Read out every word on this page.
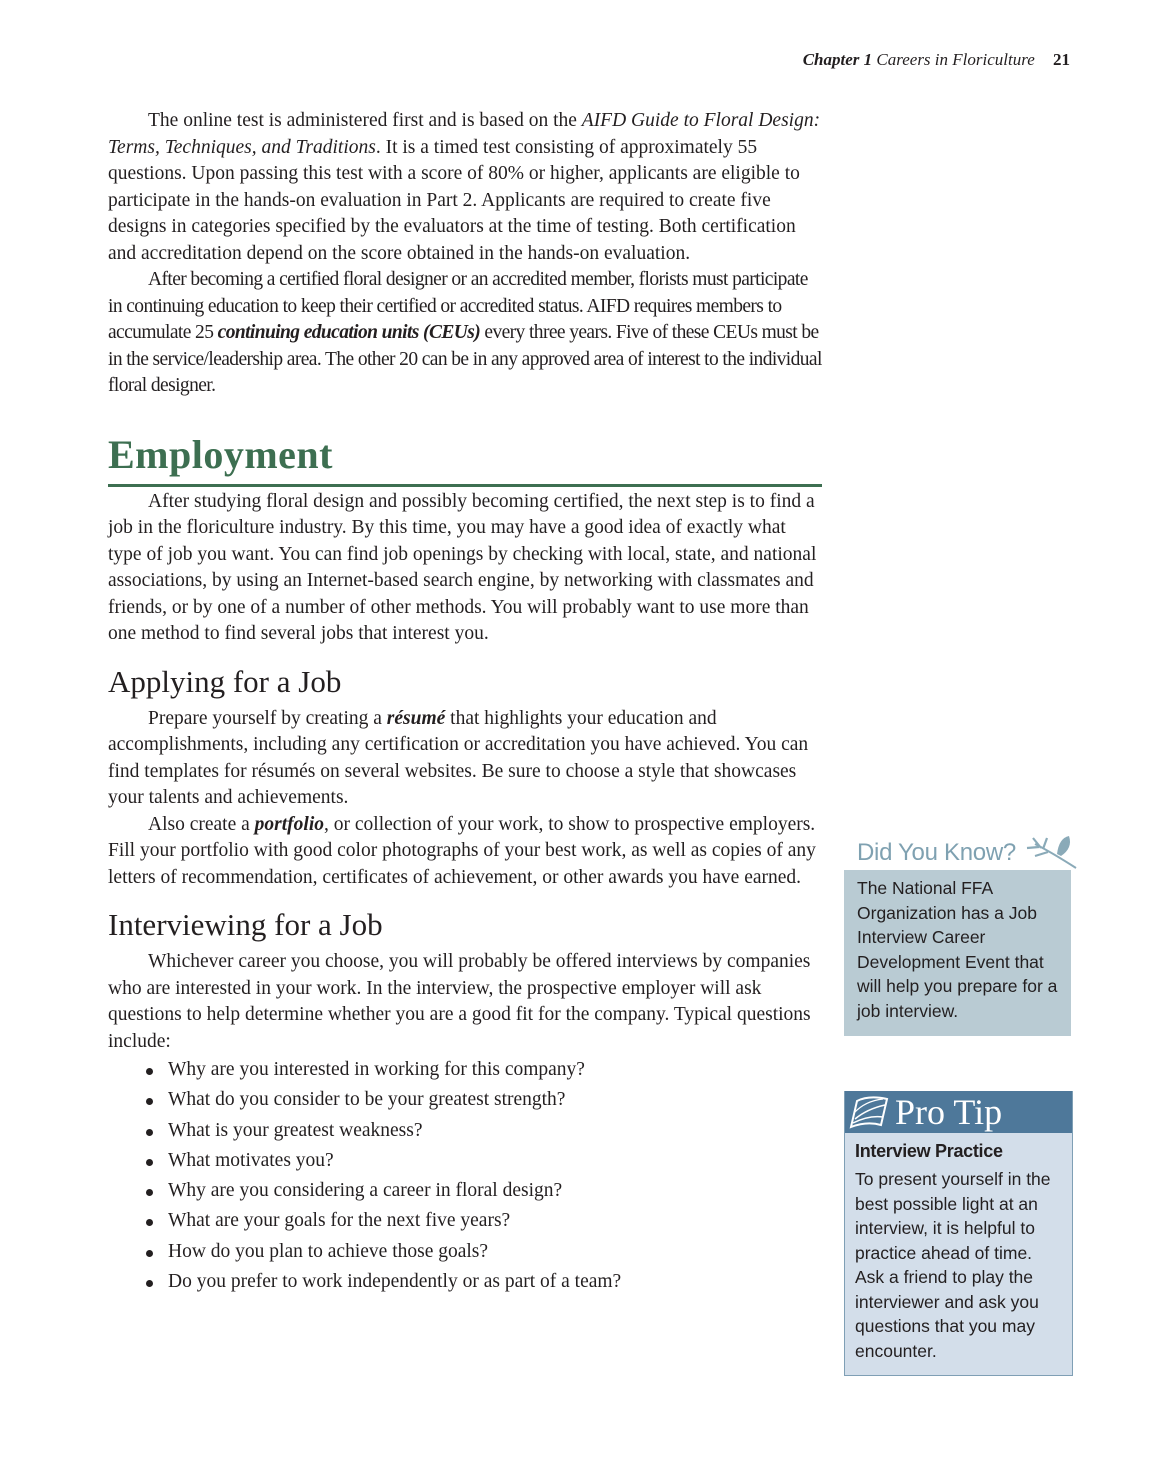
Chapter 1 Careers in Floriculture 21

The online test is administered first and is based on the AIFD Guide to Floral Design: Terms, Techniques, and Traditions. It is a timed test consisting of approximately 55 questions. Upon passing this test with a score of 80% or higher, applicants are eligible to participate in the hands-on evaluation in Part 2. Applicants are required to create five designs in categories specified by the evaluators at the time of testing. Both certification and accreditation depend on the score obtained in the hands-on evaluation.

After becoming a certified floral designer or an accredited member, florists must participate in continuing education to keep their certified or accredited status. AIFD requires members to accumulate 25 continuing education units (CEUs) every three years. Five of these CEUs must be in the service/leadership area. The other 20 can be in any approved area of interest to the individual floral designer.

Employment

After studying floral design and possibly becoming certified, the next step is to find a job in the floriculture industry. By this time, you may have a good idea of exactly what type of job you want. You can find job openings by checking with local, state, and national associations, by using an Internet-based search engine, by networking with classmates and friends, or by one of a number of other methods. You will probably want to use more than one method to find several jobs that interest you.

Applying for a Job

Prepare yourself by creating a résumé that highlights your education and accomplishments, including any certification or accreditation you have achieved. You can find templates for résumés on several websites. Be sure to choose a style that showcases your talents and achievements.

Also create a portfolio, or collection of your work, to show to prospective employers. Fill your portfolio with good color photographs of your best work, as well as copies of any letters of recommendation, certificates of achievement, or other awards you have earned.

Interviewing for a Job

Whichever career you choose, you will probably be offered interviews by companies who are interested in your work. In the interview, the prospective employer will ask questions to help determine whether you are a good fit for the company. Typical questions include:

Why are you interested in working for this company?
What do you consider to be your greatest strength?
What is your greatest weakness?
What motivates you?
Why are you considering a career in floral design?
What are your goals for the next five years?
How do you plan to achieve those goals?
Do you prefer to work independently or as part of a team?
Did You Know?
The National FFA Organization has a Job Interview Career Development Event that will help you prepare for a job interview.
Pro Tip
Interview Practice
To present yourself in the best possible light at an interview, it is helpful to practice ahead of time. Ask a friend to play the interviewer and ask you questions that you may encounter.
